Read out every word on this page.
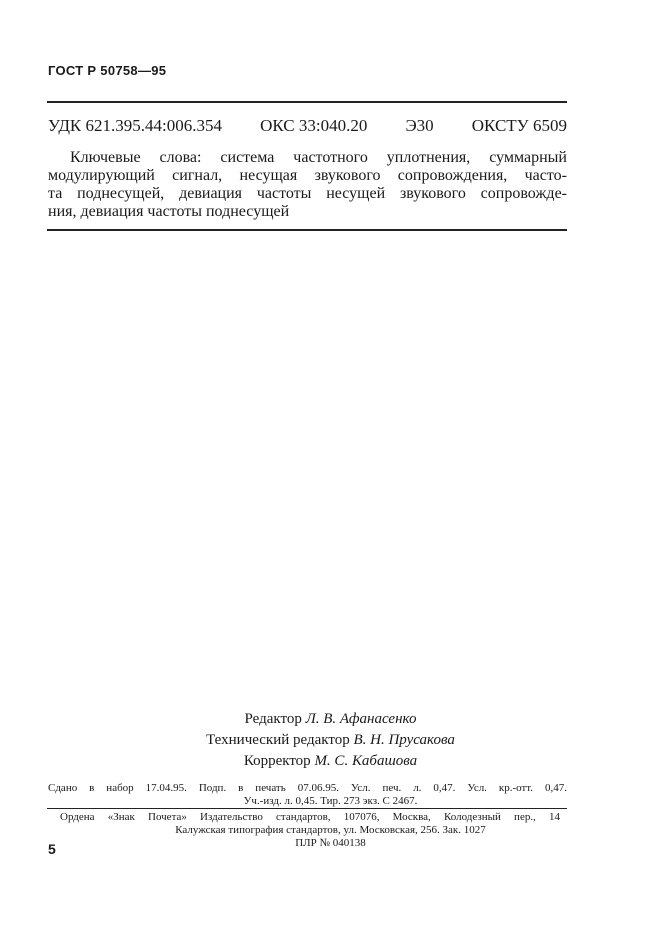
ГОСТ Р 50758—95
УДК 621.395.44:006.354 ОКС 33:040.20 Э30 ОКСТУ 6509
Ключевые слова: система частотного уплотнения, суммарный
модулирующий сигнал, несущая звукового сопровождения, часто-
та поднесущей, девиация частоты несущей звукового сопровожде-
ния, девиация частоты поднесущей
Редактор Л. В. Афанасенко
Технический редактор В. Н. Прусакова
Корректор М. С. Кабашова
Сдано в набор 17.04.95. Подп. в печать 07.06.95. Усл. печ. л. 0,47. Усл. кр.-отт. 0,47.
Уч.-изд. л. 0,45. Тир. 273 экз. С 2467.
Ордена «Знак Почета» Издательство стандартов, 107076, Москва, Колодезный пер., 14
Калужская типография стандартов, ул. Московская, 256. Зак. 1027
ПЛР № 040138
5
